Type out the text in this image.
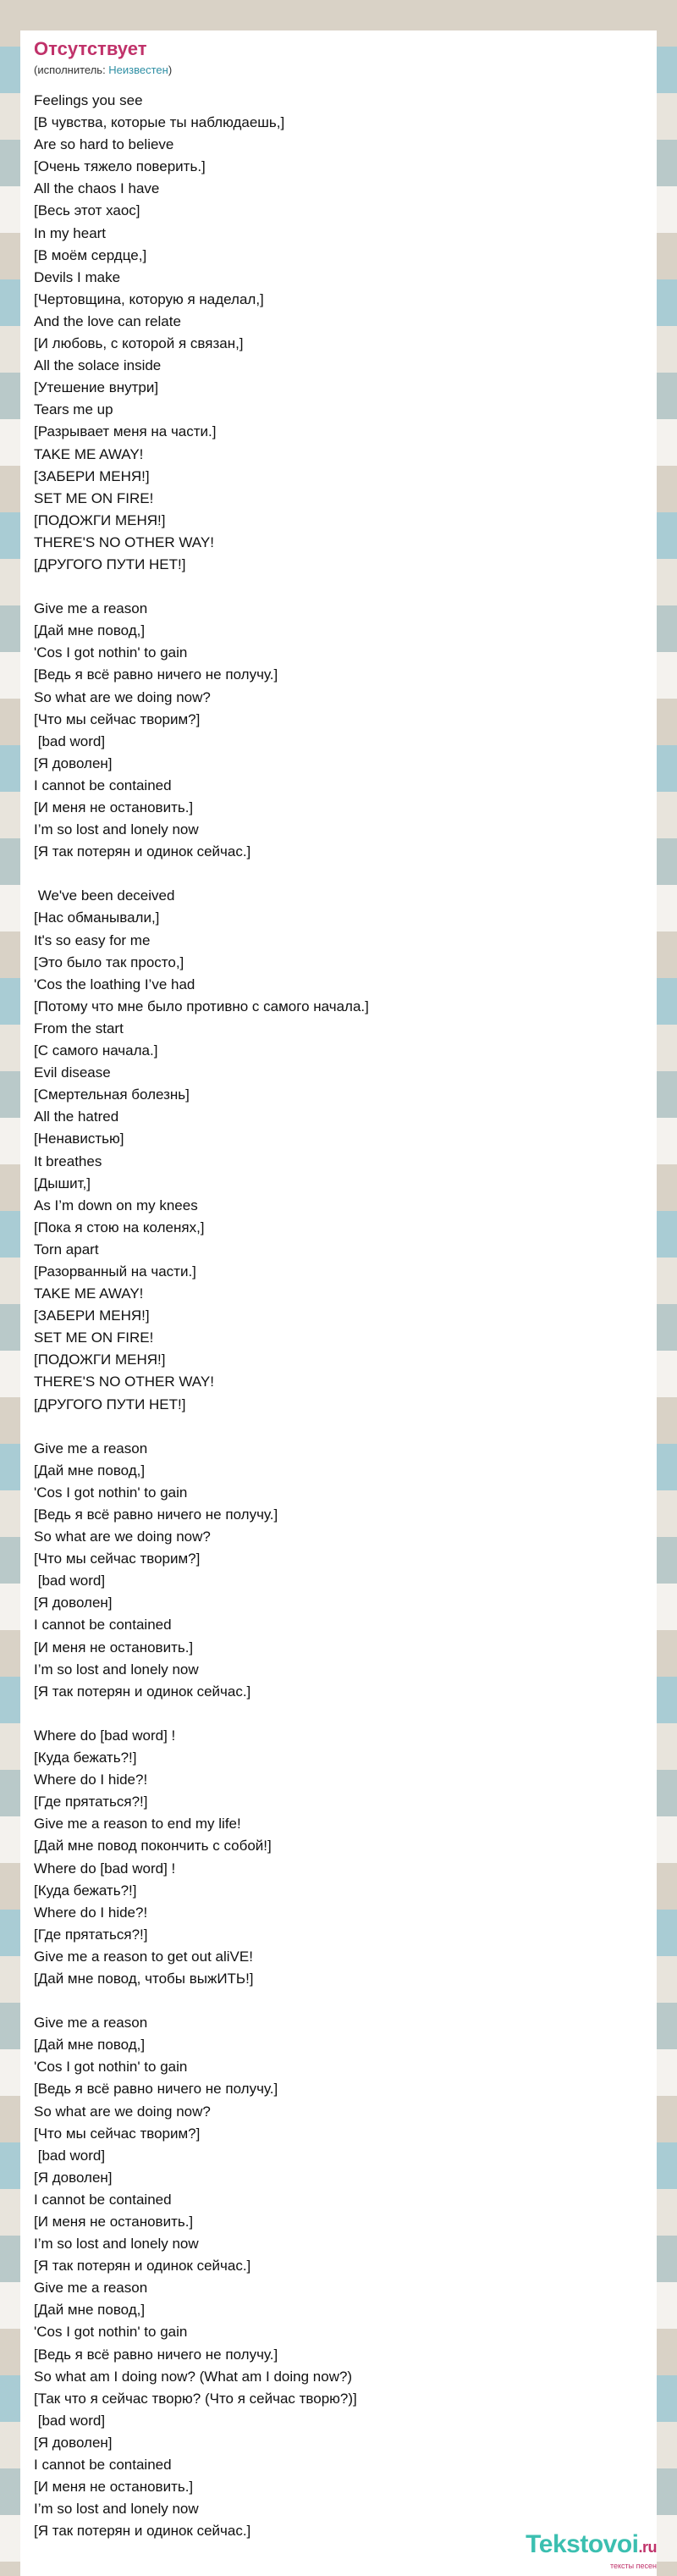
Отсутствует
(исполнитель: Неизвестен)
Feelings you see
[В чувства, которые ты наблюдаешь,]
Are so hard to believe
[Очень тяжело поверить.]
All the chaos I have
[Весь этот хаос]
In my heart
[В моём сердце,]
Devils I make
[Чертовщина, которую я наделал,]
And the love can relate
[И любовь, с которой я связан,]
All the solace inside
[Утешение внутри]
Tears me up
[Разрывает меня на части.]
TAKE ME AWAY!
[ЗАБЕРИ МЕНЯ!]
SET ME ON FIRE!
[ПОДОЖГИ МЕНЯ!]
THERE'S NO OTHER WAY!
[ДРУГОГО ПУТИ НЕТ!]
Give me a reason
[Дай мне повод,]
'Cos I got nothin' to gain
[Ведь я всё равно ничего не получу.]
So what are we doing now?
[Что мы сейчас творим?]
[bad word]
[Я доволен]
I cannot be contained
[И меня не остановить.]
I’m so lost and lonely now
[Я так потерян и одинок сейчас.]
We've been deceived
[Нас обманывали,]
It's so easy for me
[Это было так просто,]
'Cos the loathing I’ve had
[Потому что мне было противно с самого начала.]
From the start
[С самого начала.]
Evil disease
[Смертельная болезнь]
All the hatred
[Ненавистью]
It breathes
[Дышит,]
As I’m down on my knees
[Пока я стою на коленях,]
Torn apart
[Разорванный на части.]
TAKE ME AWAY!
[ЗАБЕРИ МЕНЯ!]
SET ME ON FIRE!
[ПОДОЖГИ МЕНЯ!]
THERE'S NO OTHER WAY!
[ДРУГОГО ПУТИ НЕТ!]
Give me a reason
[Дай мне повод,]
'Cos I got nothin' to gain
[Ведь я всё равно ничего не получу.]
So what are we doing now?
[Что мы сейчас творим?]
[bad word]
[Я доволен]
I cannot be contained
[И меня не остановить.]
I’m so lost and lonely now
[Я так потерян и одинок сейчас.]
Where do [bad word] !
[Куда бежать?!]
Where do I hide?!
[Где прятаться?!]
Give me a reason to end my life!
[Дай мне повод покончить с собой!]
Where do [bad word] !
[Куда бежать?!]
Where do I hide?!
[Где прятаться?!]
Give me a reason to get out aliVE!
[Дай мне повод, чтобы выжИТЬ!]
Give me a reason
[Дай мне повод,]
'Cos I got nothin' to gain
[Ведь я всё равно ничего не получу.]
So what are we doing now?
[Что мы сейчас творим?]
[bad word]
[Я доволен]
I cannot be contained
[И меня не остановить.]
I’m so lost and lonely now
[Я так потерян и одинок сейчас.]
Give me a reason
[Дай мне повод,]
'Cos I got nothin' to gain
[Ведь я всё равно ничего не получу.]
So what am I doing now? (What am I doing now?)
[Так что я сейчас творю? (Что я сейчас творю?)]
[bad word]
[Я доволен]
I cannot be contained
[И меня не остановить.]
I’m so lost and lonely now
[Я так потерян и одинок сейчас.]	Tekstovoi.ru
тексты песен
